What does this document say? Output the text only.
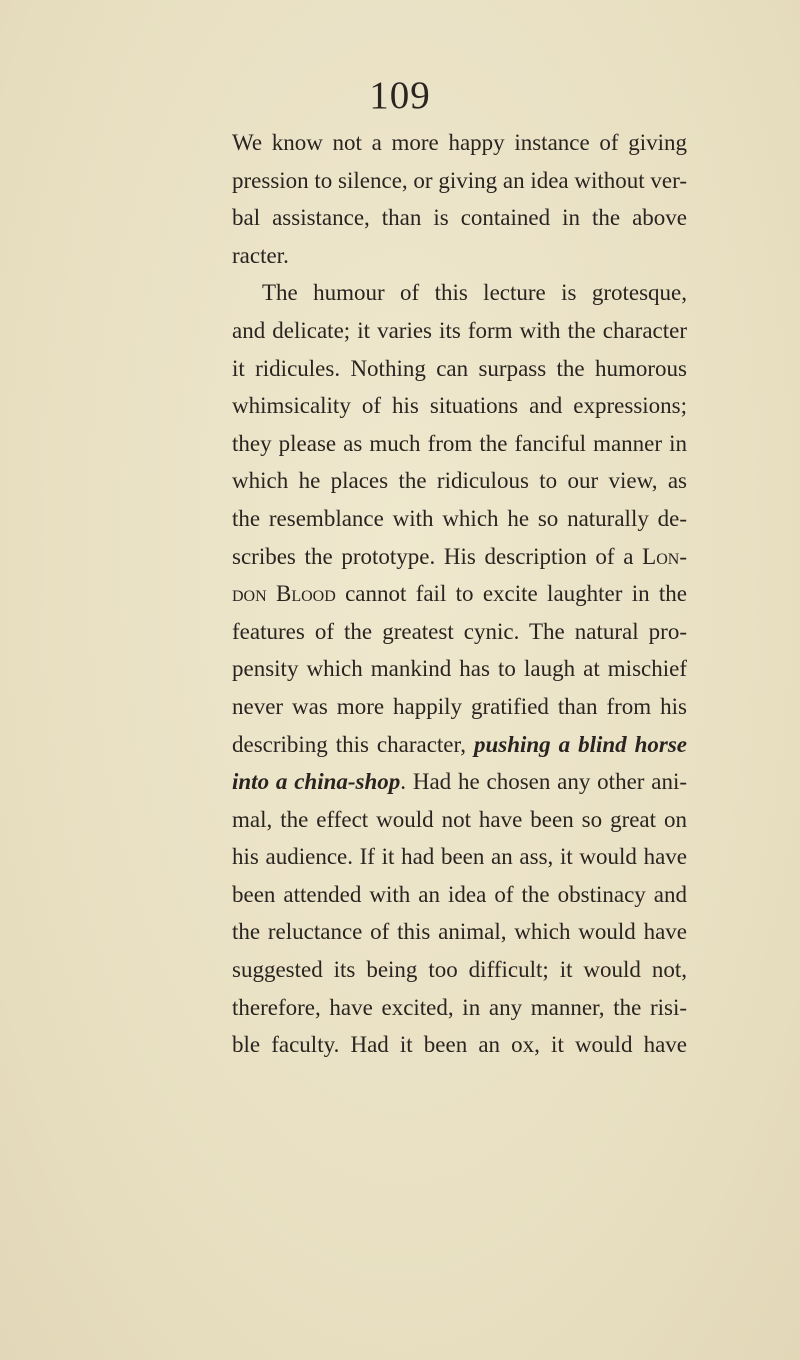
109
We know not a more happy instance of giving
pression to silence, or giving an idea without ver-
bal assistance, than is contained in the above
racter.
The humour of this lecture is grotesque,
and delicate; it varies its form with the character
it ridicules. Nothing can surpass the humorous
whimsicality of his situations and expressions;
they please as much from the fanciful manner in
which he places the ridiculous to our view, as
the resemblance with which he so naturally de-
scribes the prototype. His description of a Lon-
don Blood cannot fail to excite laughter in the
features of the greatest cynic. The natural pro-
pensity which mankind has to laugh at mischief
never was more happily gratified than from his
describing this character, pushing a blind horse
into a china-shop. Had he chosen any other ani-
mal, the effect would not have been so great on
his audience. If it had been an ass, it would have
been attended with an idea of the obstinacy and
the reluctance of this animal, which would have
suggested its being too difficult; it would not,
therefore, have excited, in any manner, the risi-
ble faculty. Had it been an ox, it would have
